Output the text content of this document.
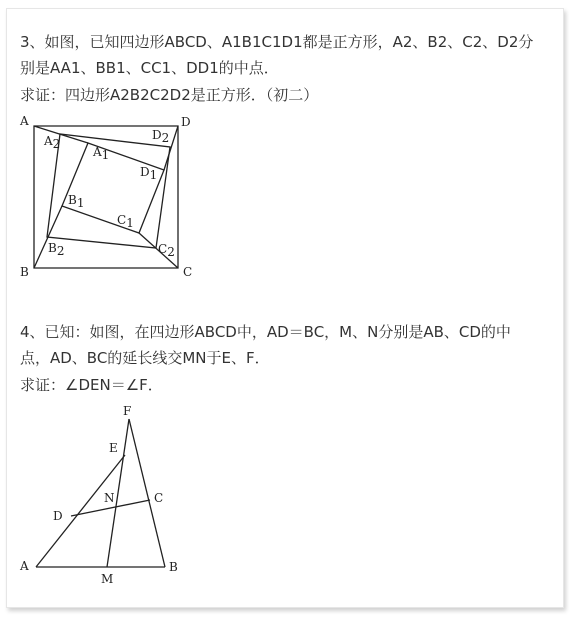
3、如图，已知四边形ABCD、A1B1C1D1都是正方形，A2、B2、C2、D2分
别是AA1、BB1、CC1、DD1的中点．
求证：四边形A2B2C2D2是正方形．（初二）
A
B	C
D
A2
A1
D2
D1
B1
C1
B2	C2
4、已知：如图，在四边形ABCD中，AD＝BC，M、N分别是AB、CD的中
点，AD、BC的延长线交MN于E、F．
求证：∠DEN＝∠F．
F
E
N	C
D
A
M
B
